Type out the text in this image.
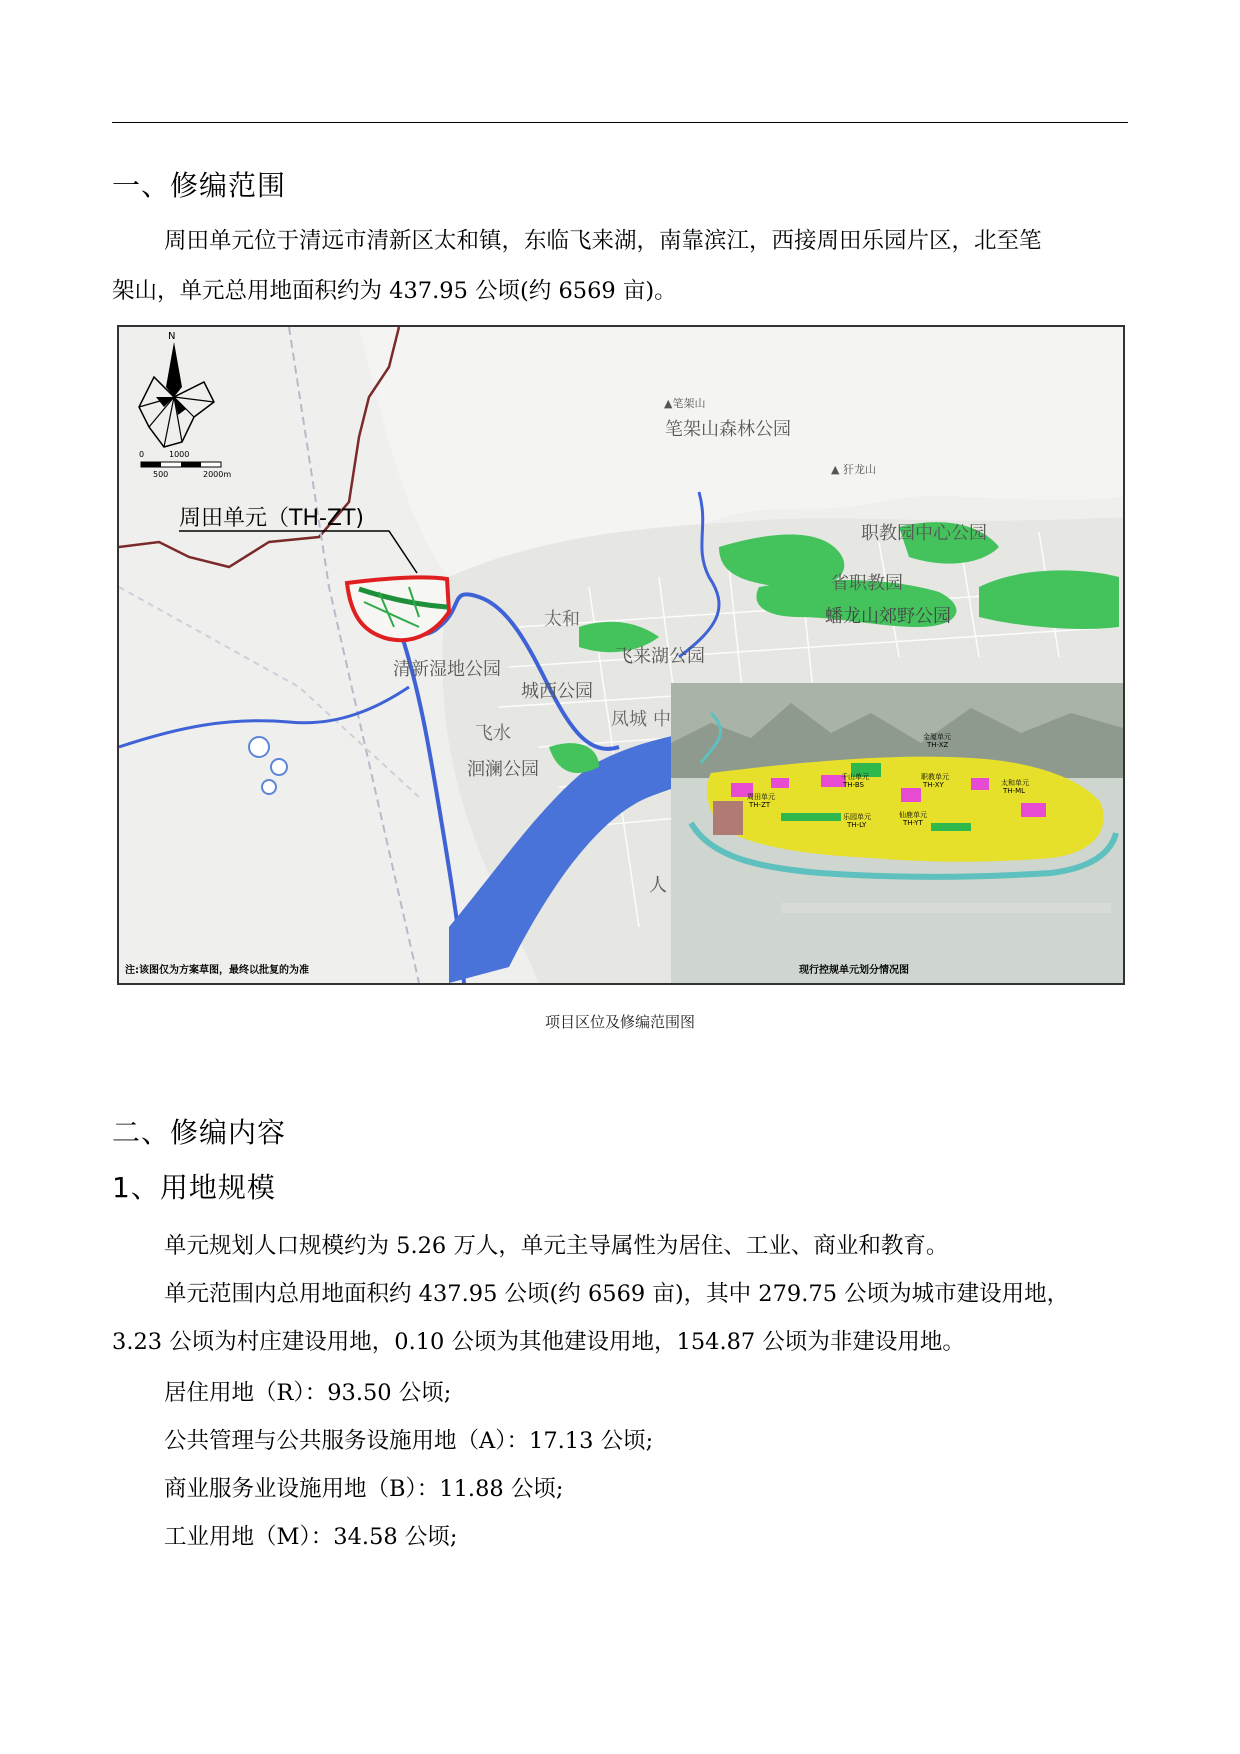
一、修编范围
周田单元位于清远市清新区太和镇，东临飞来湖，南靠滨江，西接周田乐园片区，北至笔
架山，单元总用地面积约为 437.95 公顷(约 6569 亩)。
N
0	1000
500	2000m
周田单元（TH-ZT)
▲笔架山
笔架山森林公园
▲ 犴龙山
职教园中心公园
省职教园
蟠龙山郊野公园
太和
飞来湖公园
清新湿地公园
城西公园
凤城 中
飞水
洄澜公园
人
注:该图仅为方案草图，最终以批复的为准
金厦单元
TH-XZ
千山单元
TH-BS
职教单元
TH-XY
周田单元
TH-ZT
太和单元
TH-ML
乐园单元
TH-LY
仙鹿单元
TH-YT
现行控规单元划分情况图
项目区位及修编范围图
二、修编内容
1、用地规模
单元规划人口规模约为 5.26 万人，单元主导属性为居住、工业、商业和教育。
单元范围内总用地面积约 437.95 公顷(约 6569 亩)，其中 279.75 公顷为城市建设用地，
3.23 公顷为村庄建设用地，0.10 公顷为其他建设用地，154.87 公顷为非建设用地。
居住用地（R）：93.50 公顷;
公共管理与公共服务设施用地（A）：17.13 公顷;
商业服务业设施用地（B）：11.88 公顷;
工业用地（M）：34.58 公顷;
